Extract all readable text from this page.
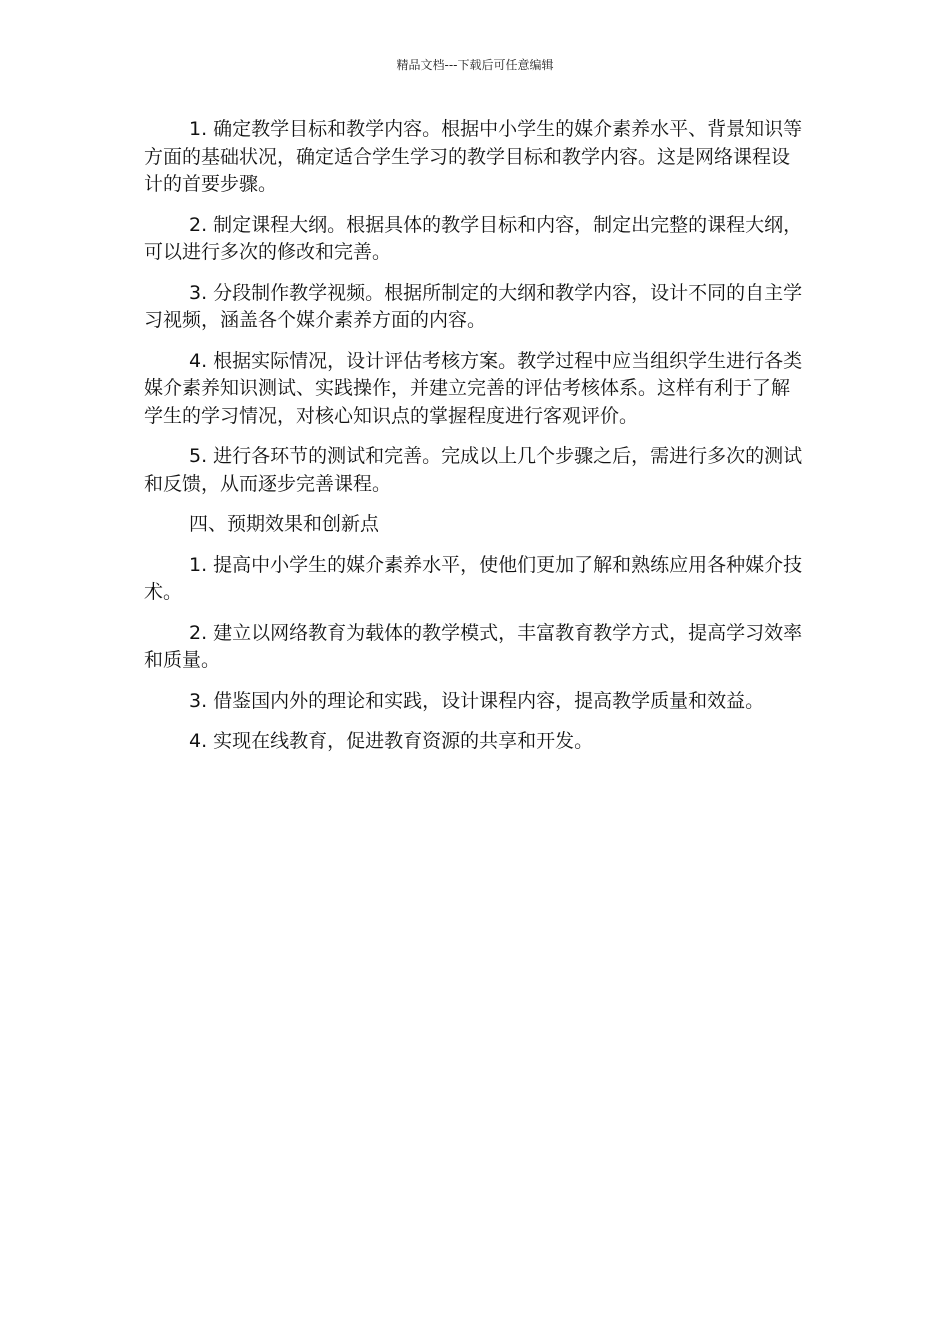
精品文档---下载后可任意编辑

1. 确定教学目标和教学内容。根据中小学生的媒介素养水平、背景知识等方面的基础状况，确定适合学生学习的教学目标和教学内容。这是网络课程设计的首要步骤。

2. 制定课程大纲。根据具体的教学目标和内容，制定出完整的课程大纲，可以进行多次的修改和完善。

3. 分段制作教学视频。根据所制定的大纲和教学内容，设计不同的自主学习视频，涵盖各个媒介素养方面的内容。

4. 根据实际情况，设计评估考核方案。教学过程中应当组织学生进行各类媒介素养知识测试、实践操作，并建立完善的评估考核体系。这样有利于了解学生的学习情况，对核心知识点的掌握程度进行客观评价。

5. 进行各环节的测试和完善。完成以上几个步骤之后，需进行多次的测试和反馈，从而逐步完善课程。

四、预期效果和创新点

1. 提高中小学生的媒介素养水平，使他们更加了解和熟练应用各种媒介技术。

2. 建立以网络教育为载体的教学模式，丰富教育教学方式，提高学习效率和质量。

3. 借鉴国内外的理论和实践，设计课程内容，提高教学质量和效益。

4. 实现在线教育，促进教育资源的共享和开发。
